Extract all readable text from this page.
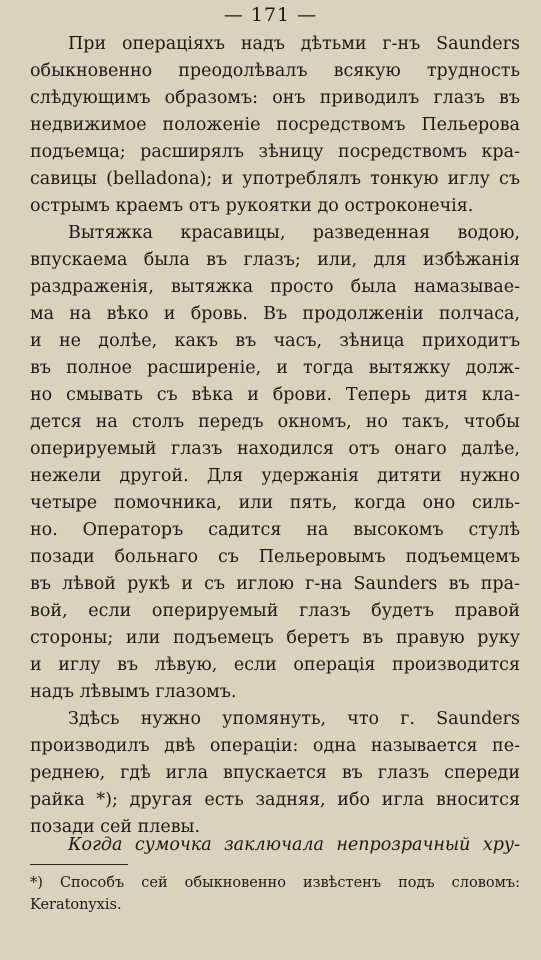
— 171 —
При операціяхъ надъ дѣтьми г-нъ Saunders
обыкновенно преодолѣвалъ всякую трудность
слѣдующимъ образомъ: онъ приводилъ глазъ въ
недвижимое положеніе посредствомъ Пельерова
подъемца; расширялъ зѣницу посредствомъ кра-
савицы (belladona); и употреблялъ тонкую иглу съ
острымъ краемъ отъ рукоятки до остроконечія.
Вытяжка красавицы, разведенная водою,
впускаема была въ глазъ; или, для избѣжанія
раздраженія, вытяжка просто была намазывае-
ма на вѣко и бровь. Въ продолженіи полчаса,
и не долѣе, какъ въ часъ, зѣница приходитъ
въ полное расширеніе, и тогда вытяжку долж-
но смывать съ вѣка и брови. Теперь дитя кла-
дется на столъ передъ окномъ, но такъ, чтобы
оперируемый глазъ находился отъ онаго далѣе,
нежели другой. Для удержанія дитяти нужно
четыре помочника, или пять, когда оно силь-
но. Операторъ садится на высокомъ стулѣ
позади больнаго съ Пельеровымъ подъемцемъ
въ лѣвой рукѣ и съ иглою г-на Saunders въ пра-
вой, если оперируемый глазъ будетъ правой
стороны; или подъемецъ беретъ въ правую руку
и иглу въ лѣвую, если операція производится
надъ лѣвымъ глазомъ.
Здѣсь нужно упомянуть, что г. Saunders
производилъ двѣ операціи: одна называется пе-
реднею, гдѣ игла впускается въ глазъ спереди
райка *); другая есть задняя, ибо игла вносится
позади сей плевы.
Когда сумочка заключала непрозрачный хру-
*) Способъ сей обыкновенно извѣстенъ подъ словомъ:
Keratonyxis.
